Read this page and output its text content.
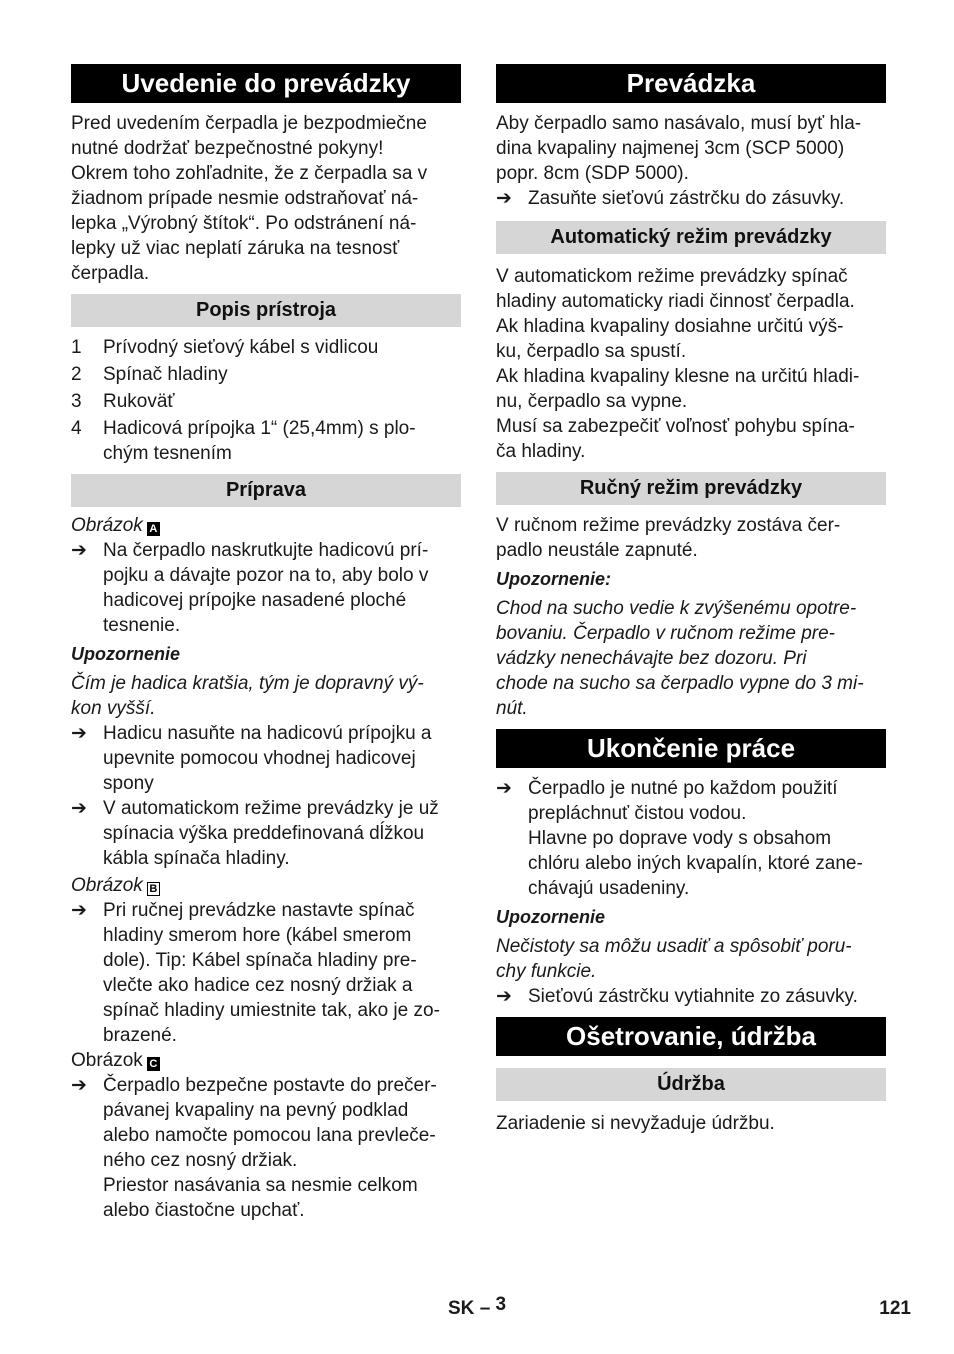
Uvedenie do prevádzky

Pred uvedením čerpadla je bezpodmiečne
nutné dodržať bezpečnostné pokyny!
Okrem toho zohľadnite, že z čerpadla sa v
žiadnom prípade nesmie odstraňovať ná-
lepka „Výrobný štítok“. Po odstránení ná-
lepky už viac neplatí záruka na tesnosť
čerpadla.

Popis prístroja
1 Prívodný sieťový kábel s vidlicou
2 Spínač hladiny
3 Rukoväť
4 Hadicová prípojka 1“ (25,4mm) s plo-
chým tesnením
Príprava

Obrázok A

➔ Na čerpadlo naskrutkujte hadicovú prí-
pojku a dávajte pozor na to, aby bolo v
hadicovej prípojke nasadené ploché
tesnenie.

Upozornenie

Čím je hadica kratšia, tým je dopravný vý-
kon vyšší.

➔ Hadicu nasuňte na hadicovú prípojku a
upevnite pomocou vhodnej hadicovej
spony
➔ V automatickom režime prevádzky je už
spínacia výška preddefinovaná dĺžkou
kábla spínača hladiny.

Obrázok B

➔ Pri ručnej prevádzke nastavte spínač
hladiny smerom hore (kábel smerom
dole). Tip: Kábel spínača hladiny pre-
vlečte ako hadice cez nosný držiak a
spínač hladiny umiestnite tak, ako je zo-
brazené.

Obrázok C

➔ Čerpadlo bezpečne postavte do prečer-
pávanej kvapaliny na pevný podklad
alebo namočte pomocou lana prevleče-
ného cez nosný držiak.
Priestor nasávania sa nesmie celkom
alebo čiastočne upchať.
Prevádzka

Aby čerpadlo samo nasávalo, musí byť hla-
dina kvapaliny najmenej 3cm (SCP 5000)
popr. 8cm (SDP 5000).

➔ Zasuňte sieťovú zástrčku do zásuvky.
Automatický režim prevádzky

V automatickom režime prevádzky spínač
hladiny automaticky riadi činnosť čerpadla.
Ak hladina kvapaliny dosiahne určitú výš-
ku, čerpadlo sa spustí.
Ak hladina kvapaliny klesne na určitú hladi-
nu, čerpadlo sa vypne.
Musí sa zabezpečiť voľnosť pohybu spína-
ča hladiny.

Ručný režim prevádzky

V ručnom režime prevádzky zostáva čer-
padlo neustále zapnuté.

Upozornenie:

Chod na sucho vedie k zvýšenému opotre-
bovaniu. Čerpadlo v ručnom režime pre-
vádzky nenechávajte bez dozoru. Pri
chode na sucho sa čerpadlo vypne do 3 mi-
nút.

Ukončenie práce
➔ Čerpadlo je nutné po každom použití
prepláchnuť čistou vodou.
Hlavne po doprave vody s obsahom
chlóru alebo iných kvapalín, ktoré zane-
chávajú usadeniny.

Upozornenie

Nečistoty sa môžu usadiť a spôsobiť poru-
chy funkcie.

➔ Sieťovú zástrčku vytiahnite zo zásuvky.
Ošetrovanie, údržba
Údržba

Zariadenie si nevyžaduje údržbu.

SK – 3	121
